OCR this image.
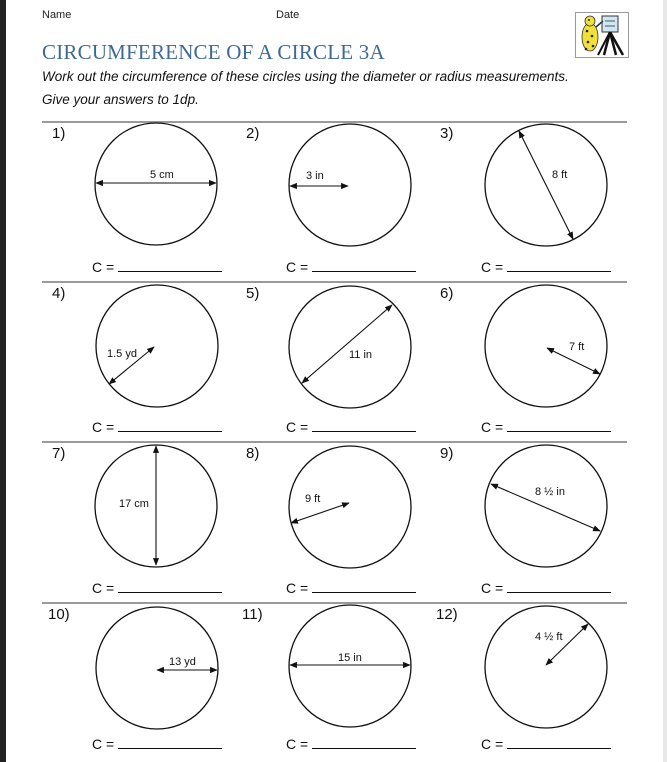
Name	Date
CIRCUMFERENCE OF A CIRCLE 3A
Work out the circumference of these circles using the diameter or radius measurements.
Give your answers to 1dp.
1)	2)	3)
4)	5)	6)
7)	8)	9)
10)	11)	12)
5 cm	3 in	8 ft
1.5 yd	11 in
7 ft
17 cm	9 ft
8 ½ in
13 yd	15 in
4 ½ ft
C =	C =	C =
C =	C =	C =
C =	C =	C =
C =	C =	C =
